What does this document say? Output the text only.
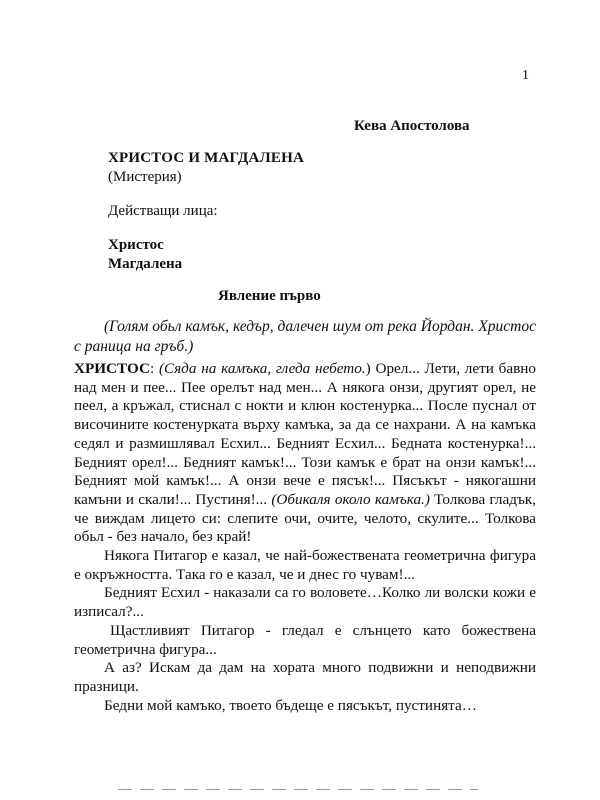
1
Кева Апостолова
ХРИСТОС И МАГДАЛЕНА
(Мистерия)
Действащи лица:
Христос
Магдалена
Явление първо
(Голям обьл камък, кедър, далечен шум от река Йордан. Христос с раница на гръб.)

ХРИСТОС: (Сяда на камъка, гледа небето.) Орел... Лети, лети бавно над мен и пее... Пее орелът над мен... А някога онзи, другият орел, не пеел, а кръжал, стиснал с нокти и клюн костенурка... После пуснал от височините костенурката върху камъка, за да се нахрани. А на камъка седял и размишлявал Есхил... Бедният Есхил... Бедната костенурка!... Бедният орел!... Бедният камък!... Този камък е брат на онзи камък!... Бедният мой камък!... А онзи вече е пясък!... Пясъкът - някогашни камъни и скали!... Пустиня!... (Обикаля около камъка.) Толкова гладък, че виждам лицето си: слепите очи, очите, челото, скулите... Толкова обьл - без начало, без край!

Някога Питагор е казал, че най-божествената геометрична фигура е окръжността. Така го е казал, че и днес го чувам!...

Бедният Есхил - наказали са го воловете…Колко ли волски кожи е изписал?...

Щастливият Питагор - гледал е слънцето като божествена геометрична фигура...

А аз? Искам да дам на хората много подвижни и неподвижни празници.

Бедни мой камъко, твоето бъдеще е пясъкът, пустинята…
